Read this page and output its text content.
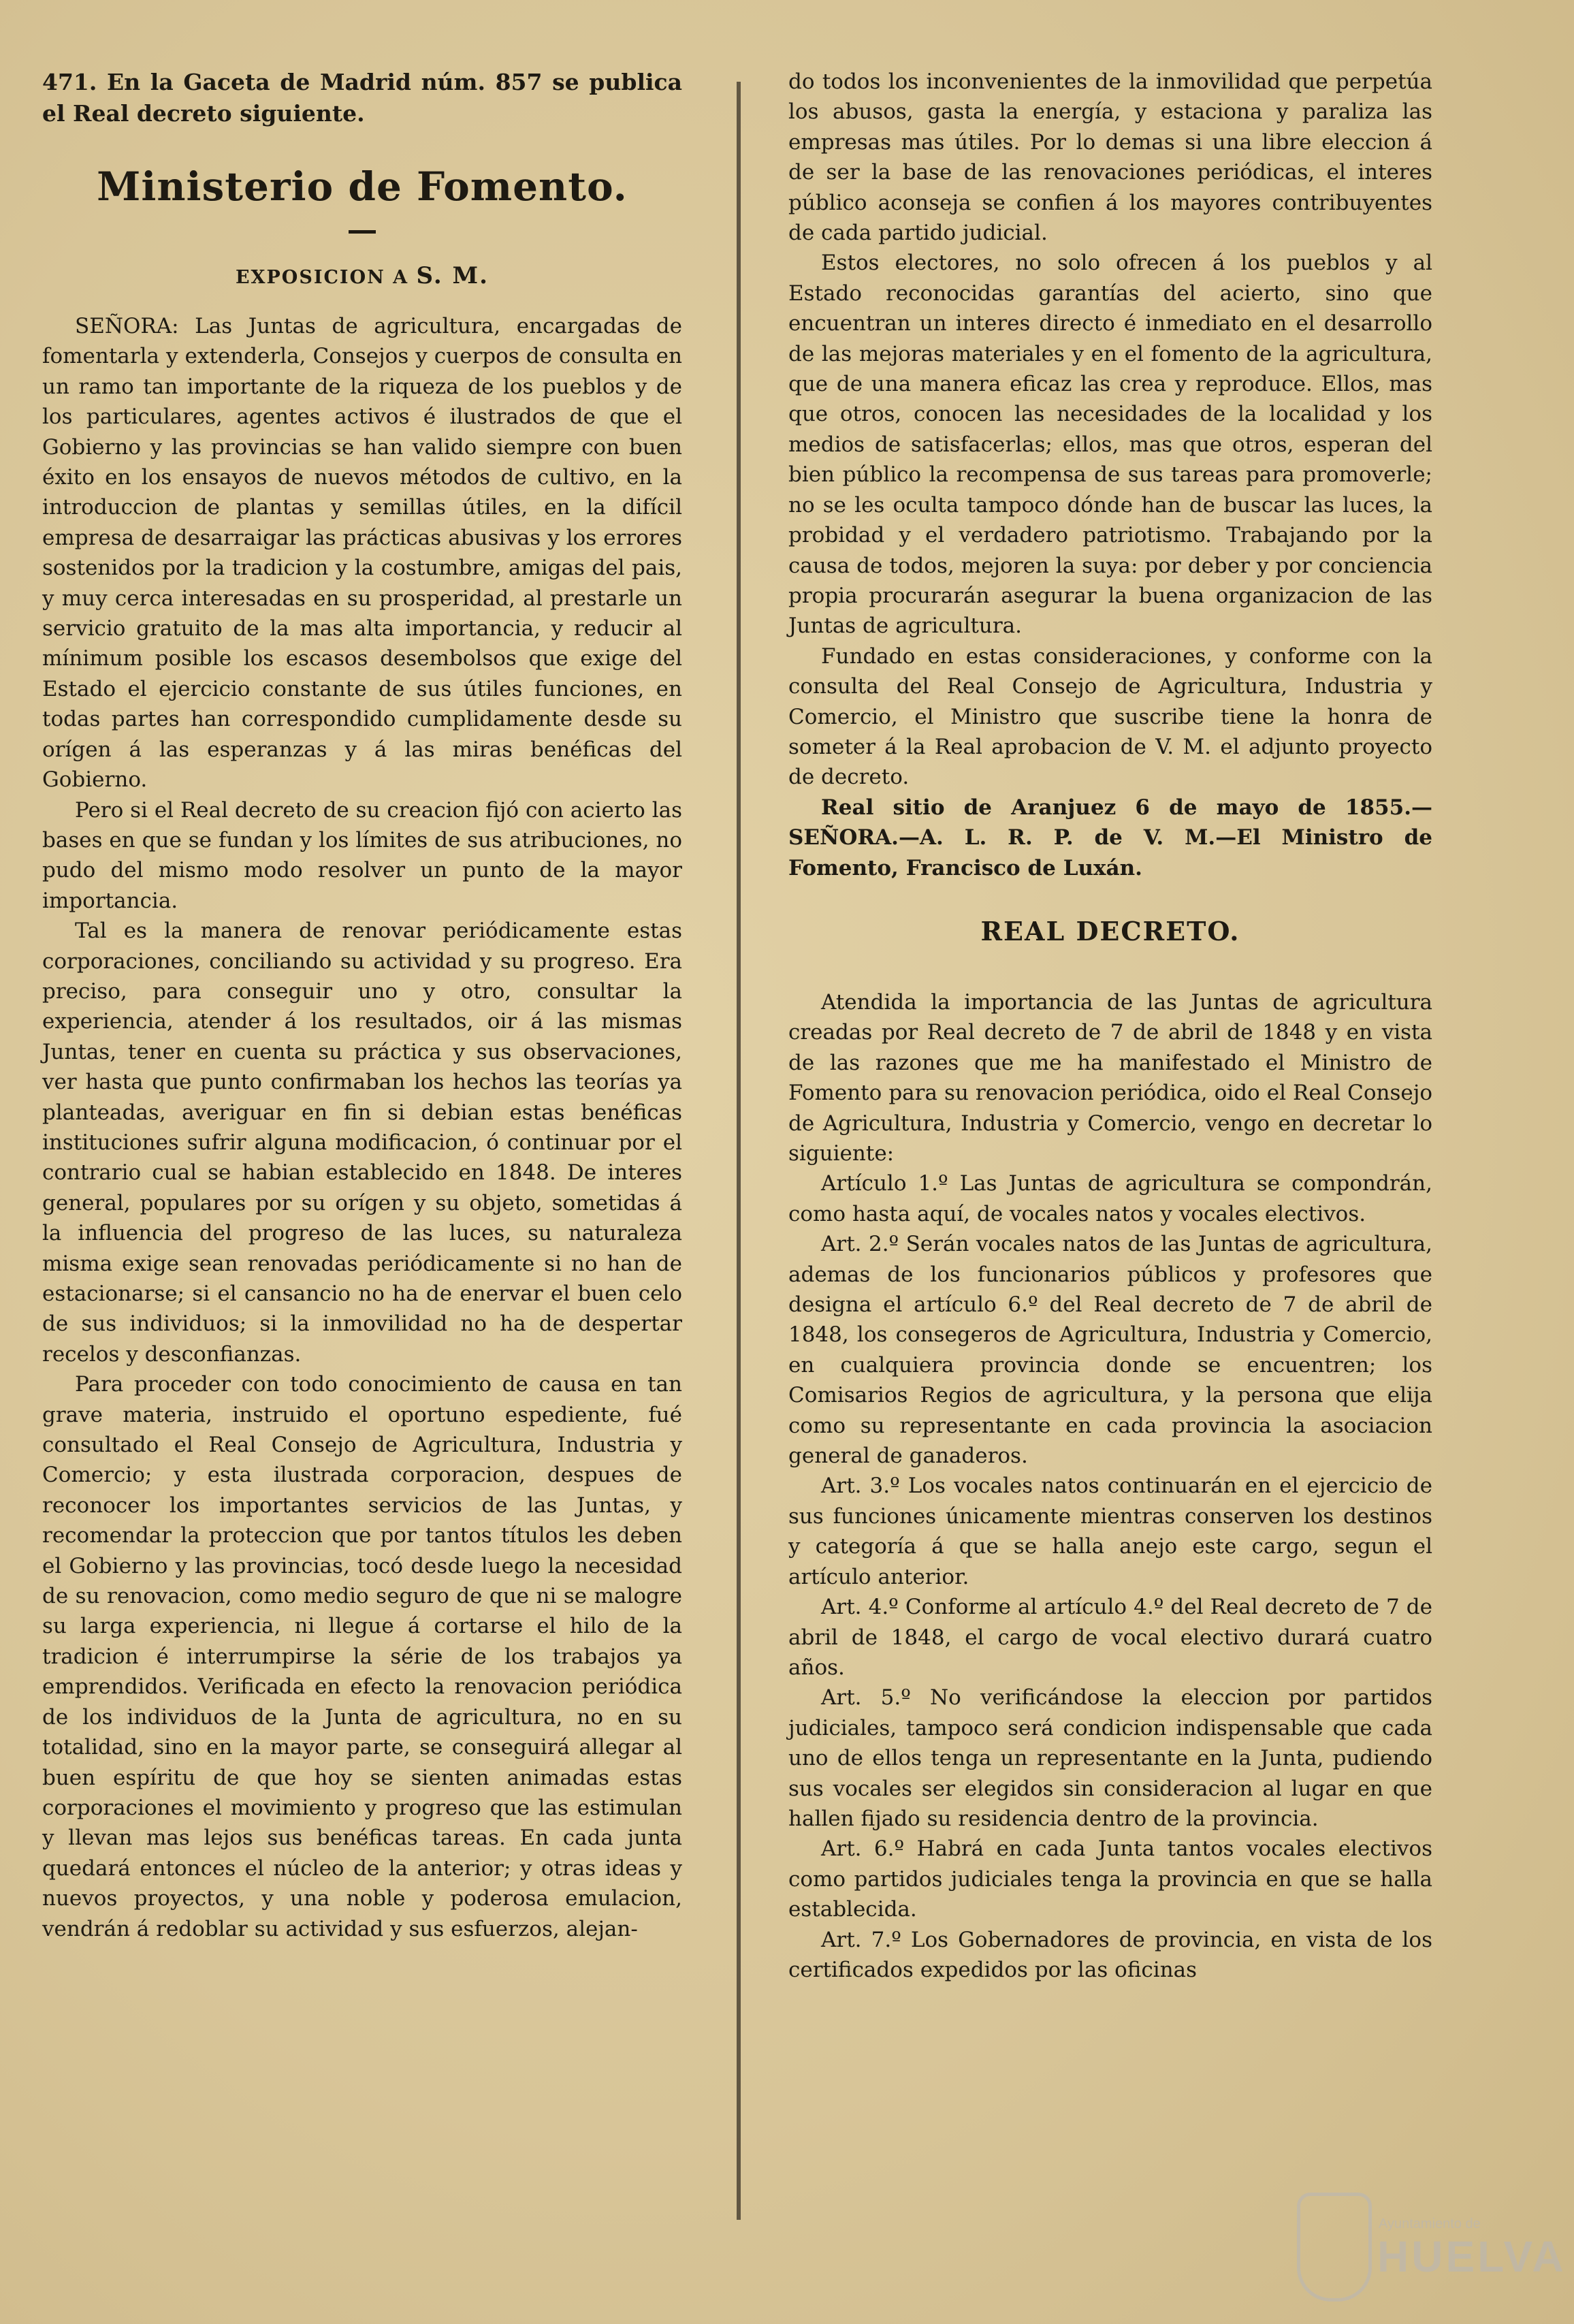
471. En la Gaceta de Madrid núm. 857 se publica el Real decreto siguiente.

Ministerio de Fomento.
EXPOSICION A S. M.

SEÑORA: Las Juntas de agricultura, encargadas de fomentarla y extenderla, Consejos y cuerpos de consulta en un ramo tan importante de la riqueza de los pueblos y de los particulares, agentes activos é ilustrados de que el Gobierno y las provincias se han valido siempre con buen éxito en los ensayos de nuevos métodos de cultivo, en la introduccion de plantas y semillas útiles, en la difícil empresa de desarraigar las prácticas abusivas y los errores sostenidos por la tradicion y la costumbre, amigas del pais, y muy cerca interesadas en su prosperidad, al prestarle un servicio gratuito de la mas alta importancia, y reducir al mínimum posible los escasos desembolsos que exige del Estado el ejercicio constante de sus útiles funciones, en todas partes han correspondido cumplidamente desde su orígen á las esperanzas y á las miras benéficas del Gobierno.

Pero si el Real decreto de su creacion fijó con acierto las bases en que se fundan y los límites de sus atribuciones, no pudo del mismo modo resolver un punto de la mayor importancia.

Tal es la manera de renovar periódicamente estas corporaciones, conciliando su actividad y su progreso. Era preciso, para conseguir uno y otro, consultar la experiencia, atender á los resultados, oir á las mismas Juntas, tener en cuenta su práctica y sus observaciones, ver hasta que punto confirmaban los hechos las teorías ya planteadas, averiguar en fin si debian estas benéficas instituciones sufrir alguna modificacion, ó continuar por el contrario cual se habian establecido en 1848. De interes general, populares por su orígen y su objeto, sometidas á la influencia del progreso de las luces, su naturaleza misma exige sean renovadas periódicamente si no han de estacionarse; si el cansancio no ha de enervar el buen celo de sus individuos; si la inmovilidad no ha de despertar recelos y desconfianzas.

Para proceder con todo conocimiento de causa en tan grave materia, instruido el oportuno espediente, fué consultado el Real Consejo de Agricultura, Industria y Comercio; y esta ilustrada corporacion, despues de reconocer los importantes servicios de las Juntas, y recomendar la proteccion que por tantos títulos les deben el Gobierno y las provincias, tocó desde luego la necesidad de su renovacion, como medio seguro de que ni se malogre su larga experiencia, ni llegue á cortarse el hilo de la tradicion é interrumpirse la série de los trabajos ya emprendidos. Verificada en efecto la renovacion periódica de los individuos de la Junta de agricultura, no en su totalidad, sino en la mayor parte, se conseguirá allegar al buen espíritu de que hoy se sienten animadas estas corporaciones el movimiento y progreso que las estimulan y llevan mas lejos sus benéficas tareas. En cada junta quedará entonces el núcleo de la anterior; y otras ideas y nuevos proyectos, y una noble y poderosa emulacion, vendrán á redoblar su actividad y sus esfuerzos, alejan-

do todos los inconvenientes de la inmovilidad que perpetúa los abusos, gasta la energía, y estaciona y paraliza las empresas mas útiles. Por lo demas si una libre eleccion á de ser la base de las renovaciones periódicas, el interes público aconseja se confien á los mayores contribuyentes de cada partido judicial.

Estos electores, no solo ofrecen á los pueblos y al Estado reconocidas garantías del acierto, sino que encuentran un interes directo é inmediato en el desarrollo de las mejoras materiales y en el fomento de la agricultura, que de una manera eficaz las crea y reproduce. Ellos, mas que otros, conocen las necesidades de la localidad y los medios de satisfacerlas; ellos, mas que otros, esperan del bien público la recompensa de sus tareas para promoverle; no se les oculta tampoco dónde han de buscar las luces, la probidad y el verdadero patriotismo. Trabajando por la causa de todos, mejoren la suya: por deber y por conciencia propia procurarán asegurar la buena organizacion de las Juntas de agricultura.

Fundado en estas consideraciones, y conforme con la consulta del Real Consejo de Agricultura, Industria y Comercio, el Ministro que suscribe tiene la honra de someter á la Real aprobacion de V. M. el adjunto proyecto de decreto.

Real sitio de Aranjuez 6 de mayo de 1855.— SEÑORA.—A. L. R. P. de V. M.—El Ministro de Fomento, Francisco de Luxán.

REAL DECRETO.

Atendida la importancia de las Juntas de agricultura creadas por Real decreto de 7 de abril de 1848 y en vista de las razones que me ha manifestado el Ministro de Fomento para su renovacion periódica, oido el Real Consejo de Agricultura, Industria y Comercio, vengo en decretar lo siguiente:

Artículo 1.º Las Juntas de agricultura se compondrán, como hasta aquí, de vocales natos y vocales electivos.

Art. 2.º Serán vocales natos de las Juntas de agricultura, ademas de los funcionarios públicos y profesores que designa el artículo 6.º del Real decreto de 7 de abril de 1848, los consegeros de Agricultura, Industria y Comercio, en cualquiera provincia donde se encuentren; los Comisarios Regios de agricultura, y la persona que elija como su representante en cada provincia la asociacion general de ganaderos.

Art. 3.º Los vocales natos continuarán en el ejercicio de sus funciones únicamente mientras conserven los destinos y categoría á que se halla anejo este cargo, segun el artículo anterior.

Art. 4.º Conforme al artículo 4.º del Real decreto de 7 de abril de 1848, el cargo de vocal electivo durará cuatro años.

Art. 5.º No verificándose la eleccion por partidos judiciales, tampoco será condicion indispensable que cada uno de ellos tenga un representante en la Junta, pudiendo sus vocales ser elegidos sin consideracion al lugar en que hallen fijado su residencia dentro de la provincia.

Art. 6.º Habrá en cada Junta tantos vocales electivos como partidos judiciales tenga la provincia en que se halla establecida.

Art. 7.º Los Gobernadores de provincia, en vista de los certificados expedidos por las oficinas

Ayuntamiento de
HUELVA
